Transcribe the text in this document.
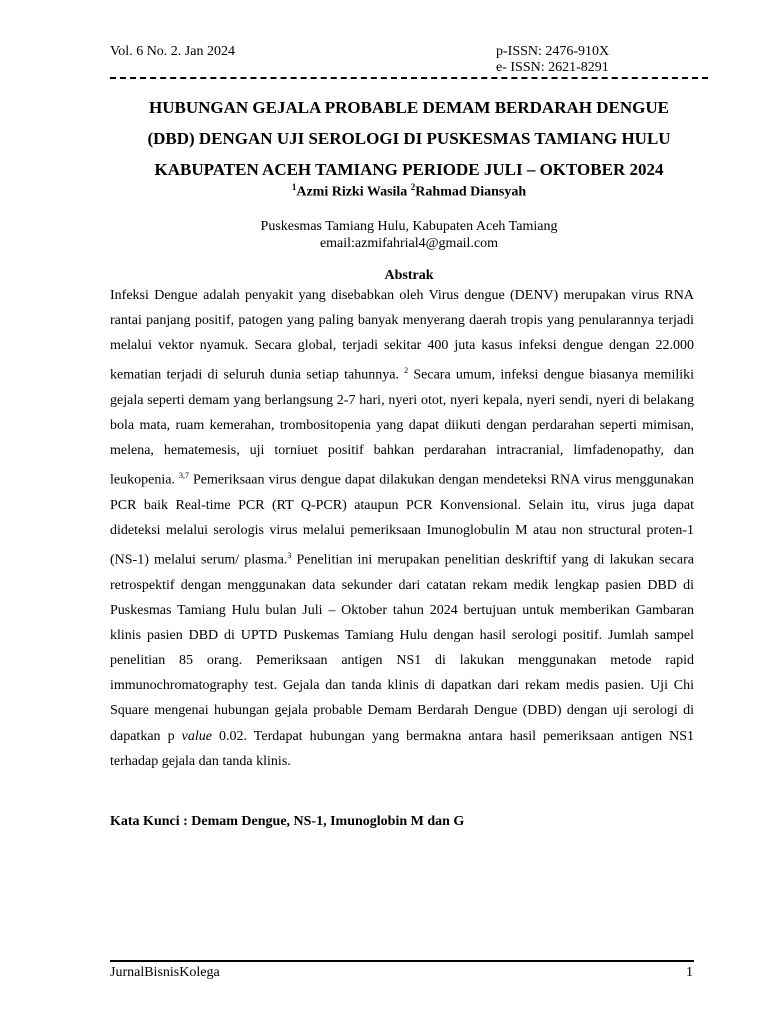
Vol. 6 No. 2. Jan 2024	p-ISSN: 2476-910X
e- ISSN: 2621-8291
HUBUNGAN GEJALA PROBABLE DEMAM BERDARAH DENGUE
(DBD) DENGAN UJI SEROLOGI DI PUSKESMAS TAMIANG HULU
KABUPATEN ACEH TAMIANG PERIODE JULI – OKTOBER 2024
$^1$Azmi Rizki Wasila $^2$Rahmad Diansyah
Puskesmas Tamiang Hulu, Kabupaten Aceh Tamiang
email:azmifahrial4@gmail.com
Abstrak

Infeksi Dengue adalah penyakit yang disebabkan oleh Virus dengue (DENV) merupakan virus RNA rantai panjang positif, patogen yang paling banyak menyerang daerah tropis yang penularannya terjadi melalui vektor nyamuk. Secara global, terjadi sekitar 400 juta kasus infeksi dengue dengan 22.000 kematian terjadi di seluruh dunia setiap tahunnya. $^2$ Secara umum, infeksi dengue biasanya memiliki gejala seperti demam yang berlangsung 2-7 hari, nyeri otot, nyeri kepala, nyeri sendi, nyeri di belakang bola mata, ruam kemerahan, trombositopenia yang dapat diikuti dengan perdarahan seperti mimisan, melena, hematemesis, uji torniuet positif bahkan perdarahan intracranial, limfadenopathy, dan leukopenia. $^{3,7}$ Pemeriksaan virus dengue dapat dilakukan dengan mendeteksi RNA virus menggunakan PCR baik Real-time PCR (RT Q-PCR) ataupun PCR Konvensional. Selain itu, virus juga dapat dideteksi melalui serologis virus melalui pemeriksaan Imunoglobulin M atau non structural proten-1 (NS-1) melalui serum/ plasma.$^3$ Penelitian ini merupakan penelitian deskriftif yang di lakukan secara retrospektif dengan menggunakan data sekunder dari catatan rekam medik lengkap pasien DBD di Puskesmas Tamiang Hulu bulan Juli – Oktober tahun 2024 bertujuan untuk memberikan Gambaran klinis pasien DBD di UPTD Puskemas Tamiang Hulu dengan hasil serologi positif. Jumlah sampel penelitian 85 orang. Pemeriksaan antigen NS1 di lakukan menggunakan metode rapid immunochromatography test. Gejala dan tanda klinis di dapatkan dari rekam medis pasien. Uji Chi Square mengenai hubungan gejala probable Demam Berdarah Dengue (DBD) dengan uji serologi di dapatkan p value 0.02. Terdapat hubungan yang bermakna antara hasil pemeriksaan antigen NS1 terhadap gejala dan tanda klinis.

Kata Kunci : Demam Dengue, NS-1, Imunoglobin M dan G
JurnalBisnisKolega	1
